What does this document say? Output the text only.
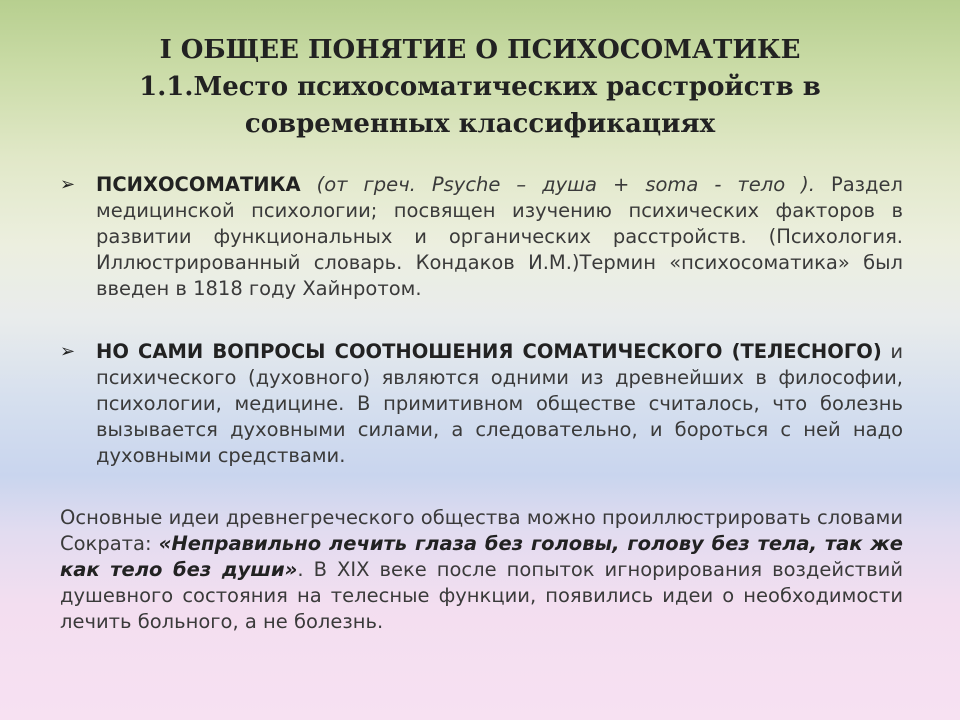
I ОБЩЕЕ ПОНЯТИЕ О ПСИХОСОМАТИКЕ
1.1.Место психосоматических расстройств в
современных классификациях
➢	ПСИХОСОМАТИКА (от греч. Psyche – душа + soma - тело ). Раздел медицинской психологии; посвящен изучению психических факторов в развитии функциональных и органических расстройств. (Психология. Иллюстрированный словарь. Кондаков И.М.)Термин «психосоматика» был введен в 1818 году Хайнротом.
➢	НО САМИ ВОПРОСЫ СООТНОШЕНИЯ СОМАТИЧЕСКОГО (ТЕЛЕСНОГО) и психического (духовного) являются одними из древнейших в философии, психологии, медицине. В примитивном обществе считалось, что болезнь вызывается духовными силами, а следовательно, и бороться с ней надо духовными средствами.
Основные идеи древнегреческого общества можно проиллюстрировать словами Сократа: «Неправильно лечить глаза без головы, голову без тела, так же как тело без души». В XIX веке после попыток игнорирования воздействий душевного состояния на телесные функции, появились идеи о необходимости лечить больного, а не болезнь.
